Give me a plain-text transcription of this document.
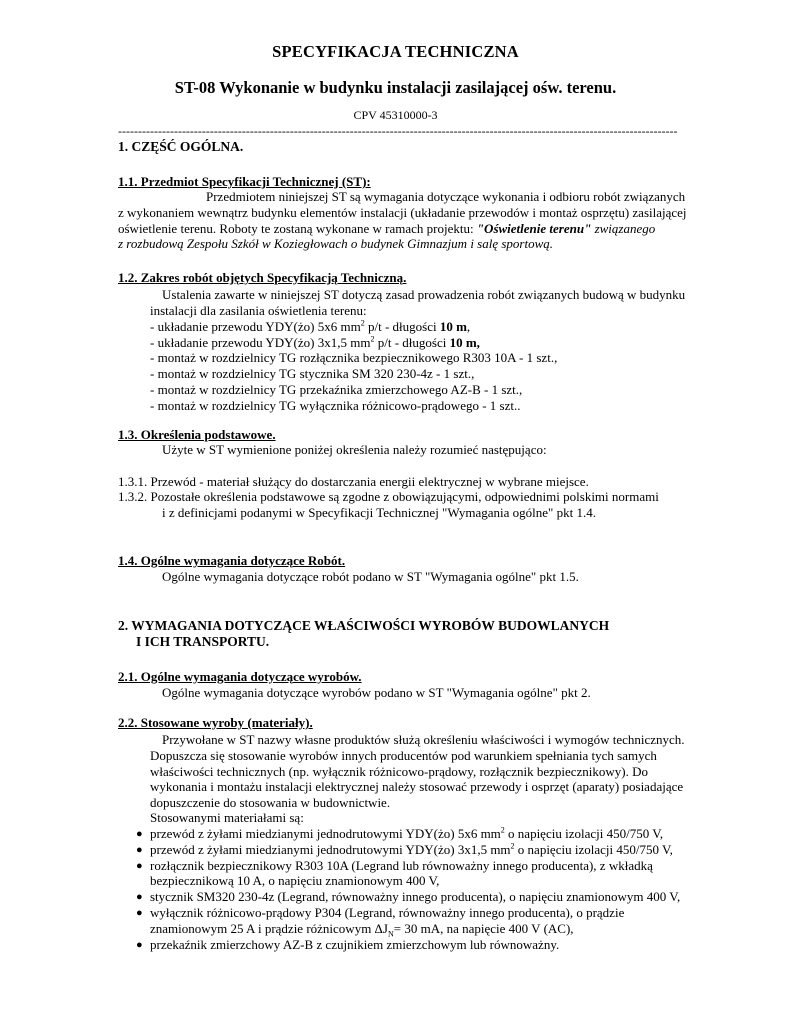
SPECYFIKACJA TECHNICZNA
ST-08 Wykonanie w budynku instalacji zasilającej ośw. terenu.
CPV 45310000-3
--------------------------------------------------------------------------------------------------------------------------------------------
1. CZĘŚĆ OGÓLNA.
1.1. Przedmiot Specyfikacji Technicznej (ST):
Przedmiotem niniejszej ST są wymagania dotyczące wykonania i odbioru robót związanych
z wykonaniem wewnątrz budynku elementów instalacji (układanie przewodów i montaż osprzętu) zasilającej
oświetlenie terenu. Roboty te zostaną wykonane w ramach projektu: "Oświetlenie terenu" związanego
z rozbudową Zespołu Szkół w Koziegłowach o budynek Gimnazjum i salę sportową.
1.2. Zakres robót objętych Specyfikacją Techniczną.
Ustalenia zawarte w niniejszej ST dotyczą zasad prowadzenia robót związanych budową w budynku
instalacji dla zasilania oświetlenia terenu:
- układanie przewodu YDY(żo) 5x6 $mm^2$ p/t - długości 10 m,
- układanie przewodu YDY(żo) 3x1,5 $mm^2$ p/t - długości 10 m,
- montaż w rozdzielnicy TG rozłącznika bezpiecznikowego R303 10A - 1 szt.,
- montaż w rozdzielnicy TG stycznika SM 320 230-4z - 1 szt.,
- montaż w rozdzielnicy TG przekaźnika zmierzchowego AZ-B - 1 szt.,
- montaż w rozdzielnicy TG wyłącznika różnicowo-prądowego - 1 szt..
1.3. Określenia podstawowe.
Użyte w ST wymienione poniżej określenia należy rozumieć następująco:
1.3.1. Przewód - materiał służący do dostarczania energii elektrycznej w wybrane miejsce.
1.3.2. Pozostałe określenia podstawowe są zgodne z obowiązującymi, odpowiednimi polskimi normami
i z definicjami podanymi w Specyfikacji Technicznej "Wymagania ogólne" pkt 1.4.
1.4. Ogólne wymagania dotyczące Robót.
Ogólne wymagania dotyczące robót podano w ST "Wymagania ogólne" pkt 1.5.
2. WYMAGANIA DOTYCZĄCE WŁAŚCIWOŚCI WYROBÓW BUDOWLANYCH
I ICH TRANSPORTU.
2.1. Ogólne wymagania dotyczące wyrobów.
Ogólne wymagania dotyczące wyrobów podano w ST "Wymagania ogólne" pkt 2.
2.2. Stosowane wyroby (materiały).
Przywołane w ST nazwy własne produktów służą określeniu właściwości i wymogów technicznych.
Dopuszcza się stosowanie wyrobów innych producentów pod warunkiem spełniania tych samych
właściwości technicznych (np. wyłącznik różnicowo-prądowy, rozłącznik bezpiecznikowy). Do
wykonania i montażu instalacji elektrycznej należy stosować przewody i osprzęt (aparaty) posiadające
dopuszczenie do stosowania w budownictwie.
Stosowanymi materiałami są:
● przewód z żyłami miedzianymi jednodrutowymi YDY(żo) 5x6 $mm^2$ o napięciu izolacji 450/750 V,
● przewód z żyłami miedzianymi jednodrutowymi YDY(żo) 3x1,5 $mm^2$ o napięciu izolacji 450/750 V,
● rozłącznik bezpiecznikowy R303 10A (Legrand lub równoważny innego producenta), z wkładką
bezpiecznikową 10 A, o napięciu znamionowym 400 V,
● stycznik SM320 230-4z (Legrand, równoważny innego producenta), o napięciu znamionowym 400 V,
● wyłącznik różnicowo-prądowy P304 (Legrand, równoważny innego producenta), o prądzie
znamionowym 25 A i prądzie różnicowym $\Delta J_N= 30$ mA, na napięcie 400 V (AC),
● przekaźnik zmierzchowy AZ-B z czujnikiem zmierzchowym lub równoważny.
